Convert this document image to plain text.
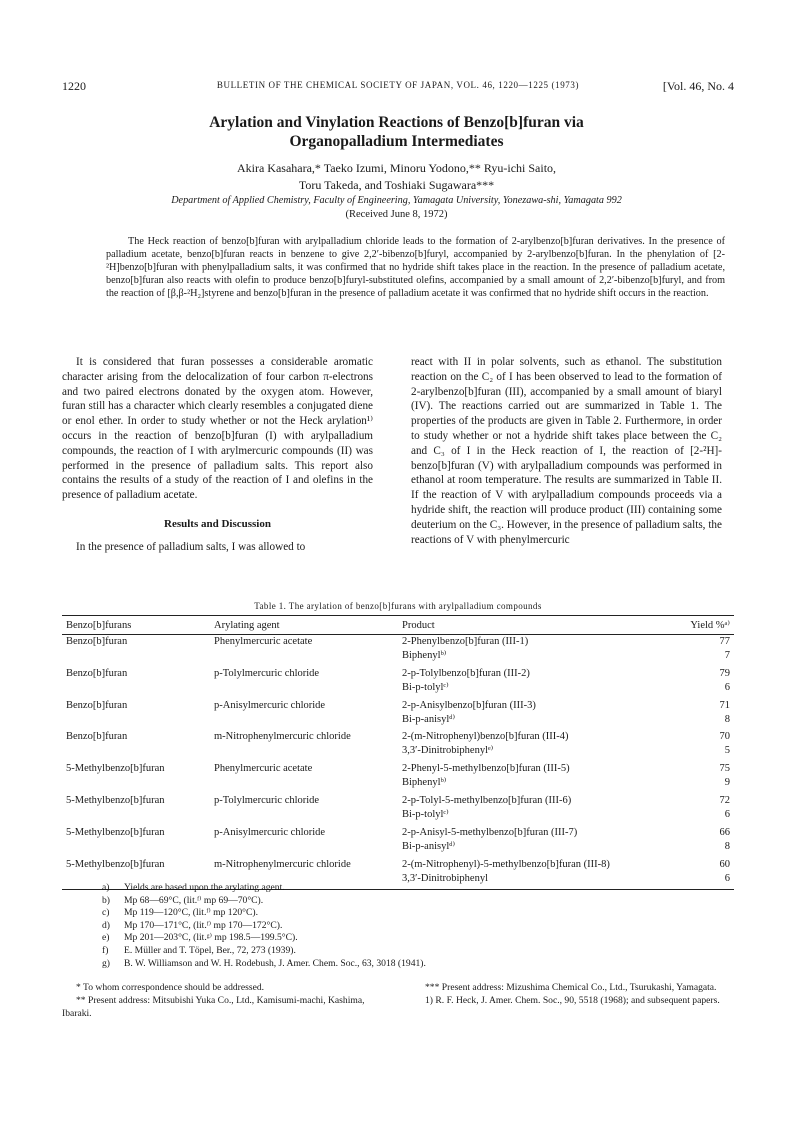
1220	BULLETIN OF THE CHEMICAL SOCIETY OF JAPAN, VOL. 46, 1220—1225 (1973)	[Vol. 46, No. 4
Arylation and Vinylation Reactions of Benzo[b]furan via
Organopalladium Intermediates
Akira Kasahara,* Taeko Izumi, Minoru Yodono,** Ryu-ichi Saito,
Toru Takeda, and Toshiaki Sugawara***
Department of Applied Chemistry, Faculty of Engineering, Yamagata University, Yonezawa-shi, Yamagata 992
(Received June 8, 1972)

The Heck reaction of benzo[b]furan with arylpalladium chloride leads to the formation of 2-arylbenzo[b]furan derivatives. In the presence of palladium acetate, benzo[b]furan reacts in benzene to give 2,2′-bibenzo[b]furyl, accompanied by 2-arylbenzo[b]furan. In the phenylation of [2-²H]benzo[b]furan with phenylpalladium salts, it was confirmed that no hydride shift takes place in the reaction. In the presence of palladium acetate, benzo[b]furan also reacts with olefin to produce benzo[b]furyl-substituted olefins, accompanied by a small amount of 2,2′-bibenzo[b]furyl, and from the reaction of [β,β-²H₂]styrene and benzo[b]furan in the presence of palladium acetate it was confirmed that no hydride shift occurs in the reaction.

It is considered that furan possesses a considerable aromatic character arising from the delocalization of four carbon π-electrons and two paired electrons donated by the oxygen atom. However, furan still has a character which clearly resembles a conjugated diene or enol ether. In order to study whether or not the Heck arylation¹⁾ occurs in the reaction of benzo[b]furan (I) with arylpalladium compounds, the reaction of I with arylmercuric compounds (II) was performed in the presence of palladium salts. This report also contains the results of a study of the reaction of I and olefins in the presence of palladium acetate.

Results and Discussion

In the presence of palladium salts, I was allowed to

react with II in polar solvents, such as ethanol. The substitution reaction on the C₂ of I has been observed to lead to the formation of 2-arylbenzo[b]furan (III), accompanied by a small amount of biaryl (IV). The reactions carried out are summarized in Table 1. The properties of the products are given in Table 2. Furthermore, in order to study whether or not a hydride shift takes place between the C₂ and C₃ of I in the Heck reaction of I, the reaction of [2-²H]-benzo[b]furan (V) with arylpalladium compounds was performed in ethanol at room temperature. The results are summarized in Table II. If the reaction of V with arylpalladium compounds proceeds via a hydride shift, the reaction will produce product (III) containing some deuterium on the C₃. However, in the presence of palladium salts, the reactions of V with phenylmercuric

Table 1. The arylation of benzo[b]furans with arylpalladium compounds
Benzo[b]furans	Arylating agent	Product	Yield %ᵃ⁾
Benzo[b]furan	Phenylmercuric acetate	2-Phenylbenzo[b]furan (III-1)	77
		Biphenylᵇ⁾	7
Benzo[b]furan	p-Tolylmercuric chloride	2-p-Tolylbenzo[b]furan (III-2)	79
		Bi-p-tolylᶜ⁾	6
Benzo[b]furan	p-Anisylmercuric chloride	2-p-Anisylbenzo[b]furan (III-3)	71
		Bi-p-anisylᵈ⁾	8
Benzo[b]furan	m-Nitrophenylmercuric chloride	2-(m-Nitrophenyl)benzo[b]furan (III-4)	70
		3,3′-Dinitrobiphenylᵉ⁾	5
5-Methylbenzo[b]furan	Phenylmercuric acetate	2-Phenyl-5-methylbenzo[b]furan (III-5)	75
		Biphenylᵇ⁾	9
5-Methylbenzo[b]furan	p-Tolylmercuric chloride	2-p-Tolyl-5-methylbenzo[b]furan (III-6)	72
		Bi-p-tolylᶜ⁾	6
5-Methylbenzo[b]furan	p-Anisylmercuric chloride	2-p-Anisyl-5-methylbenzo[b]furan (III-7)	66
		Bi-p-anisylᵈ⁾	8
5-Methylbenzo[b]furan	m-Nitrophenylmercuric chloride	2-(m-Nitrophenyl)-5-methylbenzo[b]furan (III-8)	60
		3,3′-Dinitrobiphenyl	6
a)	Yields are based upon the arylating agent.
b)	Mp 68—69°C, (lit.ᶠ⁾ mp 69—70°C).
c)	Mp 119—120°C, (lit.ᶠ⁾ mp 120°C).
d)	Mp 170—171°C, (lit.ᶠ⁾ mp 170—172°C).
e)	Mp 201—203°C, (lit.ᵍ⁾ mp 198.5—199.5°C).
f)	E. Müller and T. Töpel, Ber., 72, 273 (1939).
g)	B. W. Williamson and W. H. Rodebush, J. Amer. Chem. Soc., 63, 3018 (1941).

* To whom correspondence should be addressed.

** Present address: Mitsubishi Yuka Co., Ltd., Kamisumi-machi, Kashima, Ibaraki.

*** Present address: Mizushima Chemical Co., Ltd., Tsurukashi, Yamagata.

1) R. F. Heck, J. Amer. Chem. Soc., 90, 5518 (1968); and subsequent papers.
